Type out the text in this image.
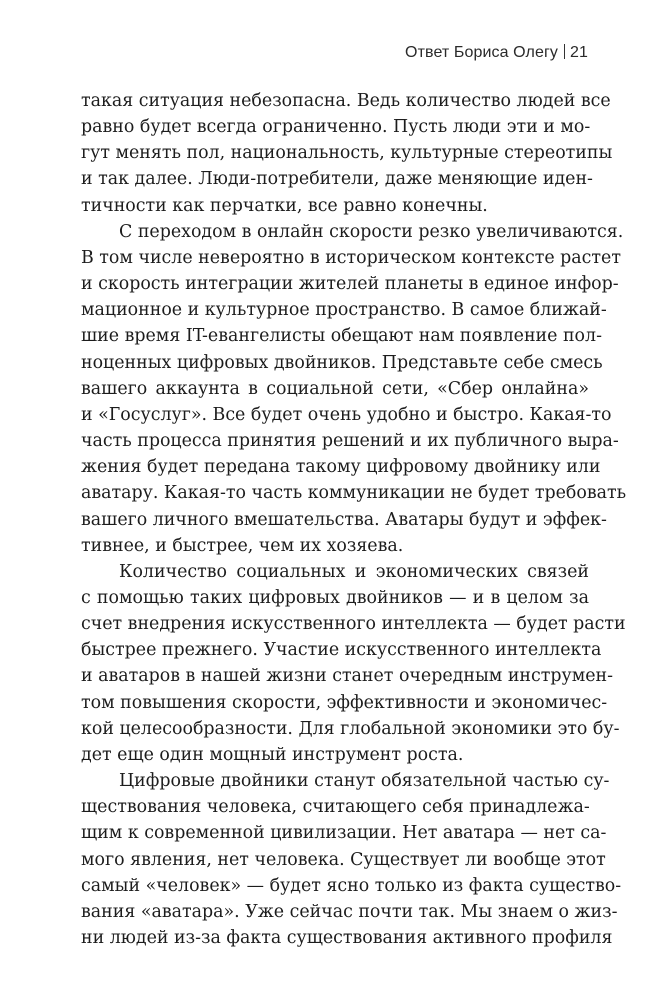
Ответ Бориса Олегу 21

такая ситуация небезопасна. Ведь количество людей все
равно будет всегда ограниченно. Пусть люди эти и мо-
гут менять пол, национальность, культурные стереотипы
и так далее. Люди-потребители, даже меняющие иден-
тичности как перчатки, все равно конечны.

С переходом в онлайн скорости резко увеличиваются.
В том числе невероятно в историческом контексте растет
и скорость интеграции жителей планеты в единое инфор-
мационное и культурное пространство. В самое ближай-
шие время IT-евангелисты обещают нам появление пол-
ноценных цифровых двойников. Представьте себе смесь
вашего аккаунта в социальной сети, «Сбер онлайна»
и «Госуслуг». Все будет очень удобно и быстро. Какая-то
часть процесса принятия решений и их публичного выра-
жения будет передана такому цифровому двойнику или
аватару. Какая-то часть коммуникации не будет требовать
вашего личного вмешательства. Аватары будут и эффек-
тивнее, и быстрее, чем их хозяева.

Количество социальных и экономических связей
с помощью таких цифровых двойников — и в целом за
счет внедрения искусственного интеллекта — будет расти
быстрее прежнего. Участие искусственного интеллекта
и аватаров в нашей жизни станет очередным инструмен-
том повышения скорости, эффективности и экономичес-
кой целесообразности. Для глобальной экономики это бу-
дет еще один мощный инструмент роста.

Цифровые двойники станут обязательной частью су-
ществования человека, считающего себя принадлежа-
щим к современной цивилизации. Нет аватара — нет са-
мого явления, нет человека. Существует ли вообще этот
самый «человек» — будет ясно только из факта существо-
вания «аватара». Уже сейчас почти так. Мы знаем о жиз-
ни людей из-за факта существования активного профиля
